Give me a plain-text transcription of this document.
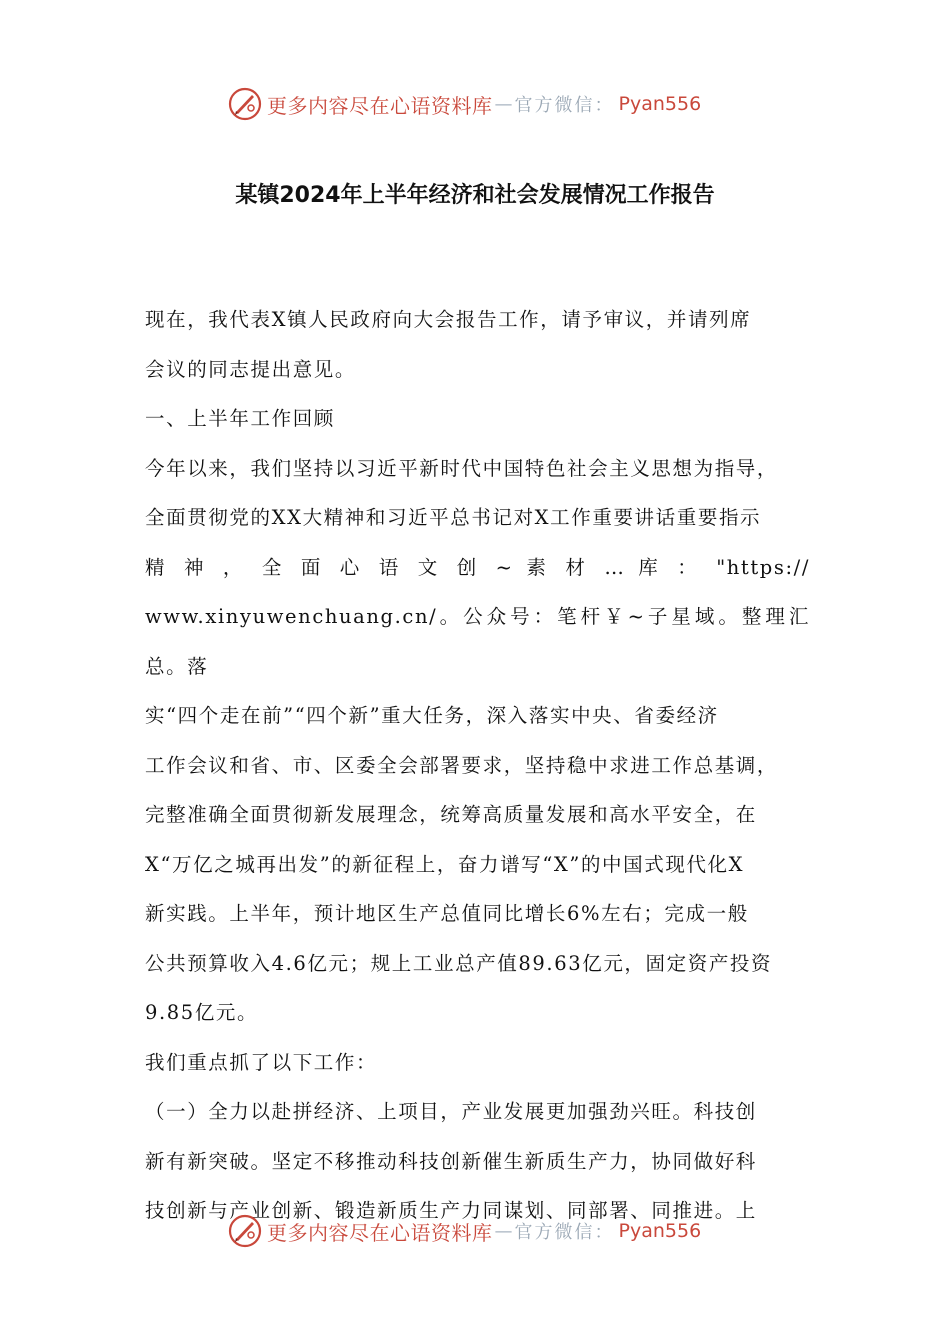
更多内容尽在心语资料库 — 官方微信： Pyan556
某镇2024年上半年经济和社会发展情况工作报告

现在，我代表X镇人民政府向大会报告工作，请予审议，并请列席

会议的同志提出意见。

一、上半年工作回顾

今年以来，我们坚持以习近平新时代中国特色社会主义思想为指导，

全面贯彻党的XX大精神和习近平总书记对X工作重要讲话重要指示

精 神 ， 全 面 心 语 文 创 ~ 素 材 … 库 ： "https://

www.xinyuwenchuang.cn/。公众号：笔杆￥~子星域。整理汇总。落

实“四个走在前”“四个新”重大任务，深入落实中央、省委经济

工作会议和省、市、区委全会部署要求，坚持稳中求进工作总基调，

完整准确全面贯彻新发展理念，统筹高质量发展和高水平安全，在

X“万亿之城再出发”的新征程上，奋力谱写“X”的中国式现代化X

新实践。上半年，预计地区生产总值同比增长6%左右；完成一般

公共预算收入4.6亿元；规上工业总产值89.63亿元，固定资产投资

9.85亿元。

我们重点抓了以下工作：

（一）全力以赴拼经济、上项目，产业发展更加强劲兴旺。科技创

新有新突破。坚定不移推动科技创新催生新质生产力，协同做好科

技创新与产业创新、锻造新质生产力同谋划、同部署、同推进。上

更多内容尽在心语资料库 — 官方微信： Pyan556
